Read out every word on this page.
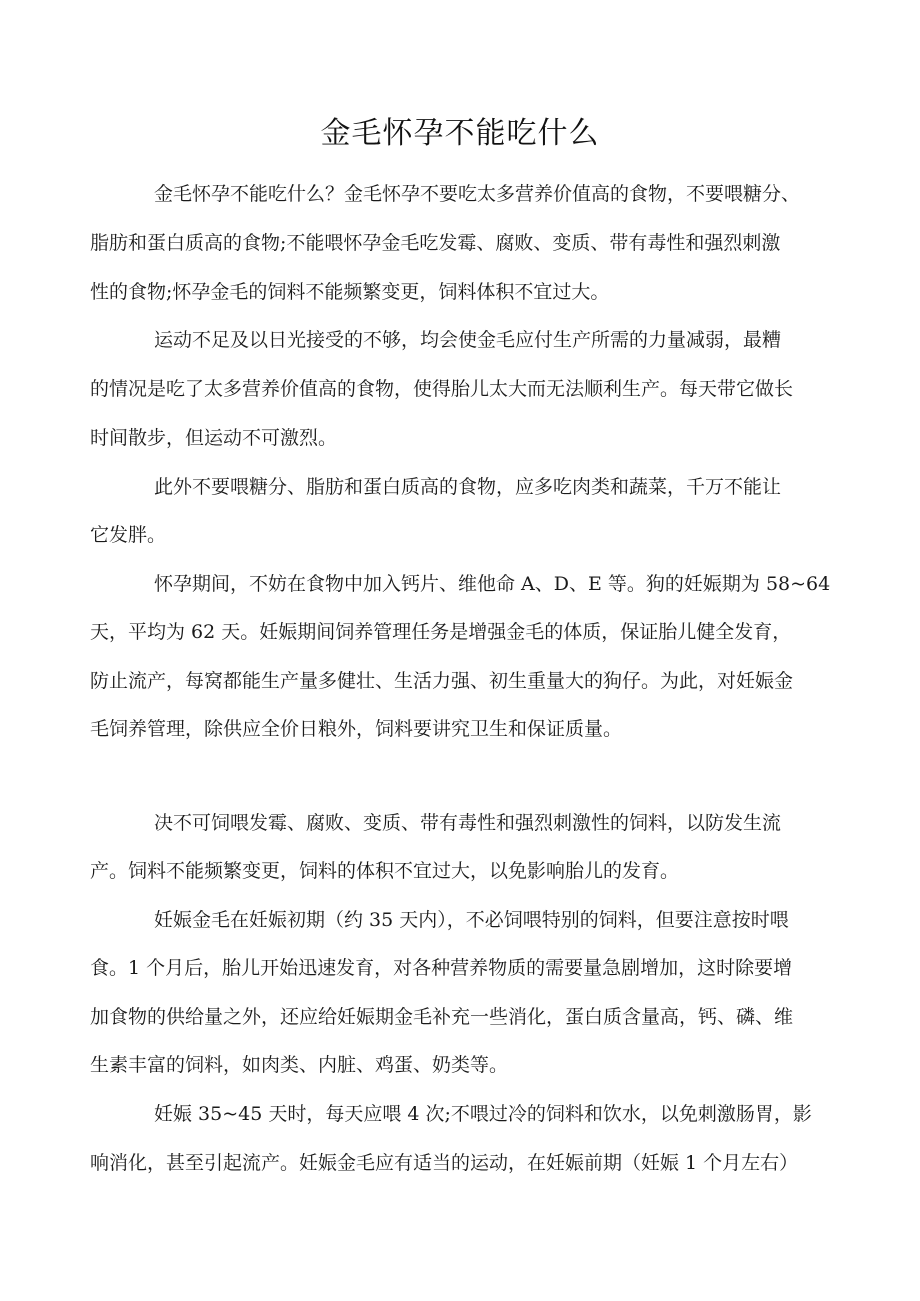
金毛怀孕不能吃什么
金毛怀孕不能吃什么？金毛怀孕不要吃太多营养价值高的食物，不要喂糖分、
脂肪和蛋白质高的食物;不能喂怀孕金毛吃发霉、腐败、变质、带有毒性和强烈刺激
性的食物;怀孕金毛的饲料不能频繁变更，饲料体积不宜过大。
运动不足及以日光接受的不够，均会使金毛应付生产所需的力量减弱，最糟
的情况是吃了太多营养价值高的食物，使得胎儿太大而无法顺利生产。每天带它做长
时间散步，但运动不可激烈。
此外不要喂糖分、脂肪和蛋白质高的食物，应多吃肉类和蔬菜，千万不能让
它发胖。
怀孕期间，不妨在食物中加入钙片、维他命 A、D、E 等。狗的妊娠期为 58~64
天，平均为 62 天。妊娠期间饲养管理任务是增强金毛的体质，保证胎儿健全发育，
防止流产，每窝都能生产量多健壮、生活力强、初生重量大的狗仔。为此，对妊娠金
毛饲养管理，除供应全价日粮外，饲料要讲究卫生和保证质量。
决不可饲喂发霉、腐败、变质、带有毒性和强烈刺激性的饲料，以防发生流
产。饲料不能频繁变更，饲料的体积不宜过大，以免影响胎儿的发育。
妊娠金毛在妊娠初期（约 35 天内），不必饲喂特别的饲料，但要注意按时喂
食。1 个月后，胎儿开始迅速发育，对各种营养物质的需要量急剧增加，这时除要增
加食物的供给量之外，还应给妊娠期金毛补充一些消化，蛋白质含量高，钙、磷、维
生素丰富的饲料，如肉类、内脏、鸡蛋、奶类等。
妊娠 35~45 天时，每天应喂 4 次;不喂过冷的饲料和饮水，以免刺激肠胃，影
响消化，甚至引起流产。妊娠金毛应有适当的运动，在妊娠前期（妊娠 1 个月左右）
